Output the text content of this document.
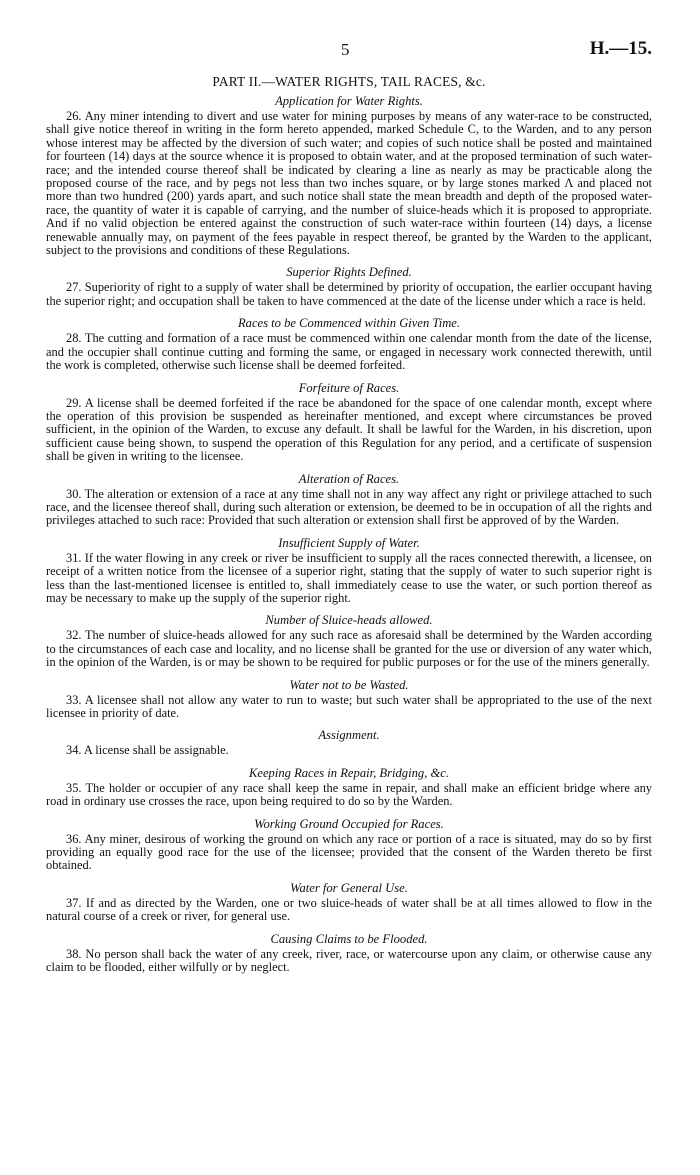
5	H.—15.
PART II.—WATER RIGHTS, TAIL RACES, &c.
Application for Water Rights.

26. Any miner intending to divert and use water for mining purposes by means of any water-race to be constructed, shall give notice thereof in writing in the form hereto appended, marked Schedule C, to the Warden, and to any person whose interest may be affected by the diversion of such water; and copies of such notice shall be posted and maintained for fourteen (14) days at the source whence it is proposed to obtain water, and at the proposed termination of such water-race; and the intended course thereof shall be indicated by clearing a line as nearly as may be practicable along the proposed course of the race, and by pegs not less than two inches square, or by large stones marked Λ and placed not more than two hundred (200) yards apart, and such notice shall state the mean breadth and depth of the proposed water-race, the quantity of water it is capable of carrying, and the number of sluice-heads which it is proposed to appropriate. And if no valid objection be entered against the construction of such water-race within fourteen (14) days, a license renewable annually may, on payment of the fees payable in respect thereof, be granted by the Warden to the applicant, subject to the provisions and conditions of these Regulations.

Superior Rights Defined.

27. Superiority of right to a supply of water shall be determined by priority of occupation, the earlier occupant having the superior right; and occupation shall be taken to have commenced at the date of the license under which a race is held.

Races to be Commenced within Given Time.

28. The cutting and formation of a race must be commenced within one calendar month from the date of the license, and the occupier shall continue cutting and forming the same, or engaged in necessary work connected therewith, until the work is completed, otherwise such license shall be deemed forfeited.

Forfeiture of Races.

29. A license shall be deemed forfeited if the race be abandoned for the space of one calendar month, except where the operation of this provision be suspended as hereinafter mentioned, and except where circumstances be proved sufficient, in the opinion of the Warden, to excuse any default. It shall be lawful for the Warden, in his discretion, upon sufficient cause being shown, to suspend the operation of this Regulation for any period, and a certificate of suspension shall be given in writing to the licensee.

Alteration of Races.

30. The alteration or extension of a race at any time shall not in any way affect any right or privilege attached to such race, and the licensee thereof shall, during such alteration or extension, be deemed to be in occupation of all the rights and privileges attached to such race: Provided that such alteration or extension shall first be approved of by the Warden.

Insufficient Supply of Water.

31. If the water flowing in any creek or river be insufficient to supply all the races connected therewith, a licensee, on receipt of a written notice from the licensee of a superior right, stating that the supply of water to such superior right is less than the last-mentioned licensee is entitled to, shall immediately cease to use the water, or such portion thereof as may be necessary to make up the supply of the superior right.

Number of Sluice-heads allowed.

32. The number of sluice-heads allowed for any such race as aforesaid shall be determined by the Warden according to the circumstances of each case and locality, and no license shall be granted for the use or diversion of any water which, in the opinion of the Warden, is or may be shown to be required for public purposes or for the use of the miners generally.

Water not to be Wasted.

33. A licensee shall not allow any water to run to waste; but such water shall be appropriated to the use of the next licensee in priority of date.

Assignment.

34. A license shall be assignable.

Keeping Races in Repair, Bridging, &c.

35. The holder or occupier of any race shall keep the same in repair, and shall make an efficient bridge where any road in ordinary use crosses the race, upon being required to do so by the Warden.

Working Ground Occupied for Races.

36. Any miner, desirous of working the ground on which any race or portion of a race is situated, may do so by first providing an equally good race for the use of the licensee; provided that the consent of the Warden thereto be first obtained.

Water for General Use.

37. If and as directed by the Warden, one or two sluice-heads of water shall be at all times allowed to flow in the natural course of a creek or river, for general use.

Causing Claims to be Flooded.

38. No person shall back the water of any creek, river, race, or watercourse upon any claim, or otherwise cause any claim to be flooded, either wilfully or by neglect.
